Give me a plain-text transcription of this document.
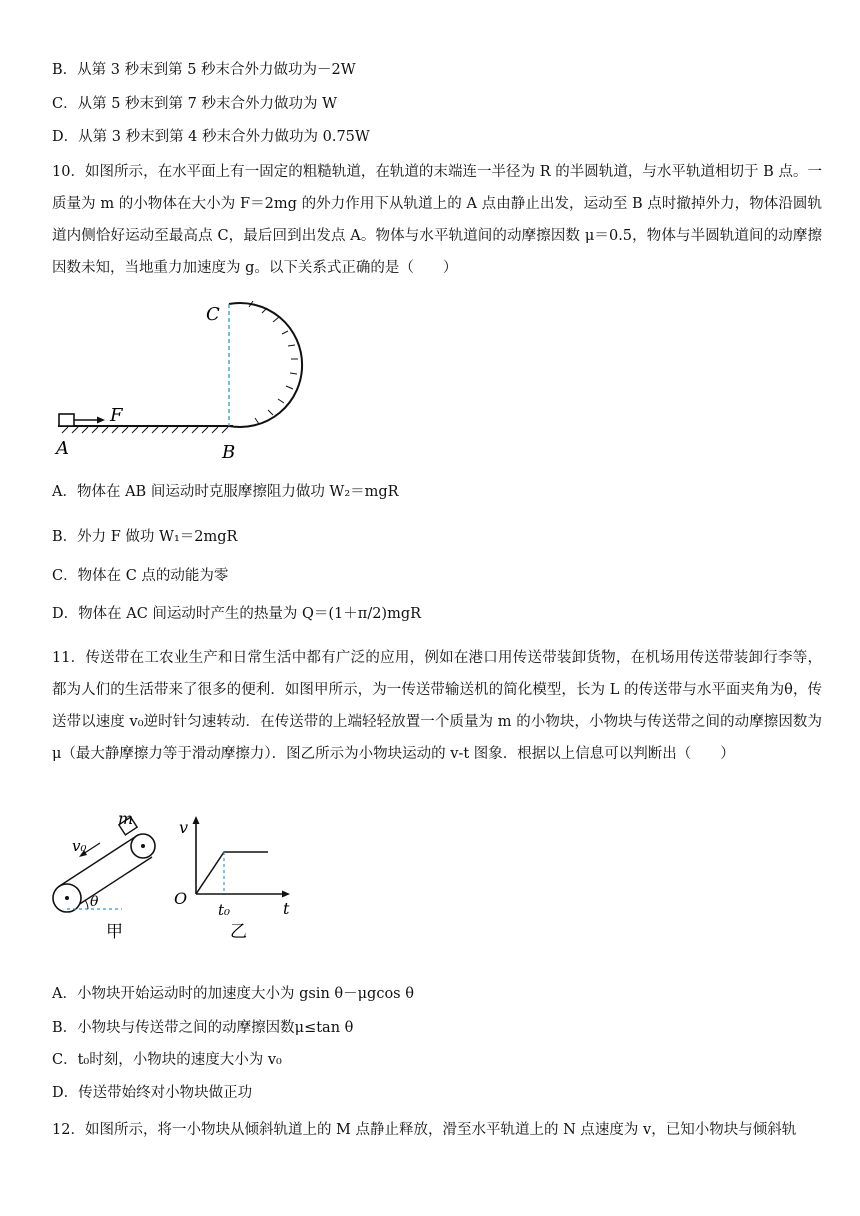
B．从第 3 秒末到第 5 秒末合外力做功为－2W
C．从第 5 秒末到第 7 秒末合外力做功为 W
D．从第 3 秒末到第 4 秒末合外力做功为 0.75W
10．如图所示，在水平面上有一固定的粗糙轨道，在轨道的末端连一半径为 R 的半圆轨道，与水平轨道相切于 B 点。一质量为 m 的小物体在大小为 F＝2mg 的外力作用下从轨道上的 A 点由静止出发，运动至 B 点时撤掉外力，物体沿圆轨道内侧恰好运动至最高点 C，最后回到出发点 A。物体与水平轨道间的动摩擦因数 μ＝0.5，物体与半圆轨道间的动摩擦因数未知，当地重力加速度为 g。以下关系式正确的是（　　）
F
A	B
C
A．物体在 AB 间运动时克服摩擦阻力做功 W₂＝mgR
B．外力 F 做功 W₁＝2mgR
C．物体在 C 点的动能为零
D．物体在 AC 间运动时产生的热量为 Q＝(1＋π/2)mgR
11．传送带在工农业生产和日常生活中都有广泛的应用，例如在港口用传送带装卸货物，在机场用传送带装卸行李等，都为人们的生活带来了很多的便利．如图甲所示，为一传送带输送机的简化模型，长为 L 的传送带与水平面夹角为θ，传送带以速度 v₀逆时针匀速转动．在传送带的上端轻轻放置一个质量为 m 的小物块，小物块与传送带之间的动摩擦因数为μ（最大静摩擦力等于滑动摩擦力）．图乙所示为小物块运动的 v-t 图象．根据以上信息可以判断出（　　）
m
v₀
θ
甲
v
O
t
t₀
乙
A．小物块开始运动时的加速度大小为 gsin θ－μgcos θ
B．小物块与传送带之间的动摩擦因数μ≤tan θ
C．t₀时刻，小物块的速度大小为 v₀
D．传送带始终对小物块做正功
12．如图所示，将一小物块从倾斜轨道上的 M 点静止释放，滑至水平轨道上的 N 点速度为 v，已知小物块与倾斜轨
